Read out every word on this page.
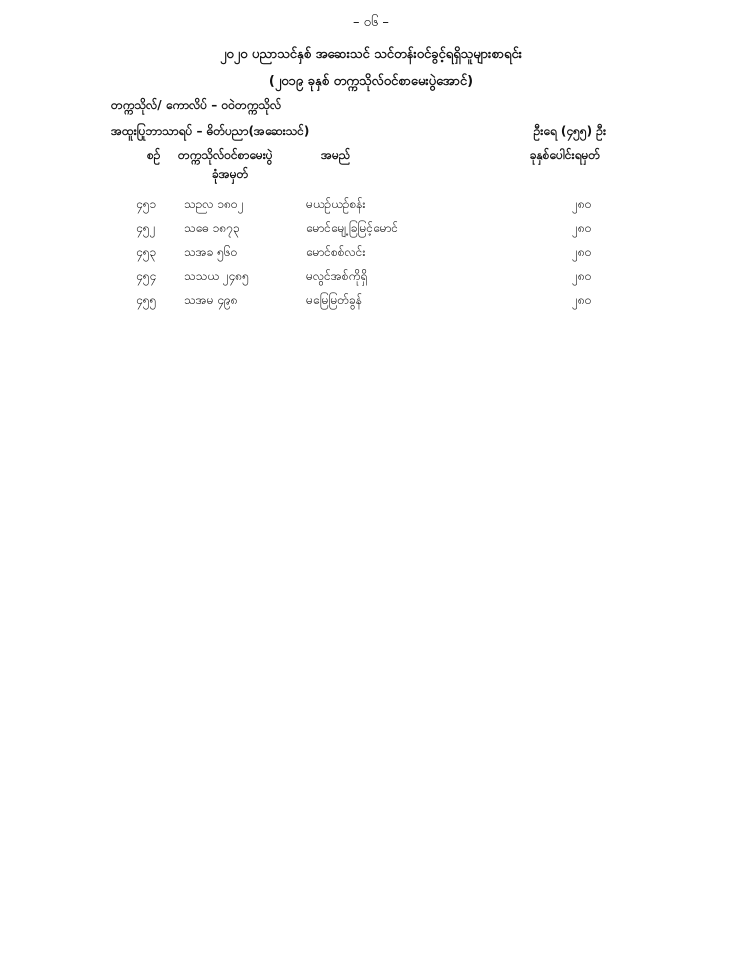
– ၀၆ –
၂၀၂၀ ပညာသင်နှစ် အဆေးသင် သင်တန်းဝင်ခွင့်ရရှိသူများစာရင်း
(၂၀၁၉ ခုနှစ် တက္ကသိုလ်ဝင်စာမေးပွဲအောင်)
တက္ကသိုလ်/ ကောလိပ် – ဝဝဲတက္ကသိုလ်
အထူးပြုဘာသာရပ် – ဓိတ်ပညာ(အဆေးသင်)	ဦးရေ (၄၅၅) ဦး
စဉ် တက္ကသိုလ်ဝင်စာမေးပွဲ
ခုံအမှတ်
အမည်	ခုနှစ်ပေါင်းရမှတ်
၄၅၁ သဉလ ၁၈၀၂	မယဉ်ယဉ်စန်း	၂၈၀
၄၅၂ သဓေ ၁၈၇၃	မောင်မျေ့ခြမြင့်မောင်	၂၈၀
၄၅၃ သအခ ၅၆၀	မောင်စစ်လင်း	၂၈၀
၄၅၄ သသယ ၂၄၈၅	မလွင်အစ်ကိုရှိ	၂၈၀
၄၅၅ သအမ ၄၉၈	မမြေမြတ်ခွန်	၂၈၀
